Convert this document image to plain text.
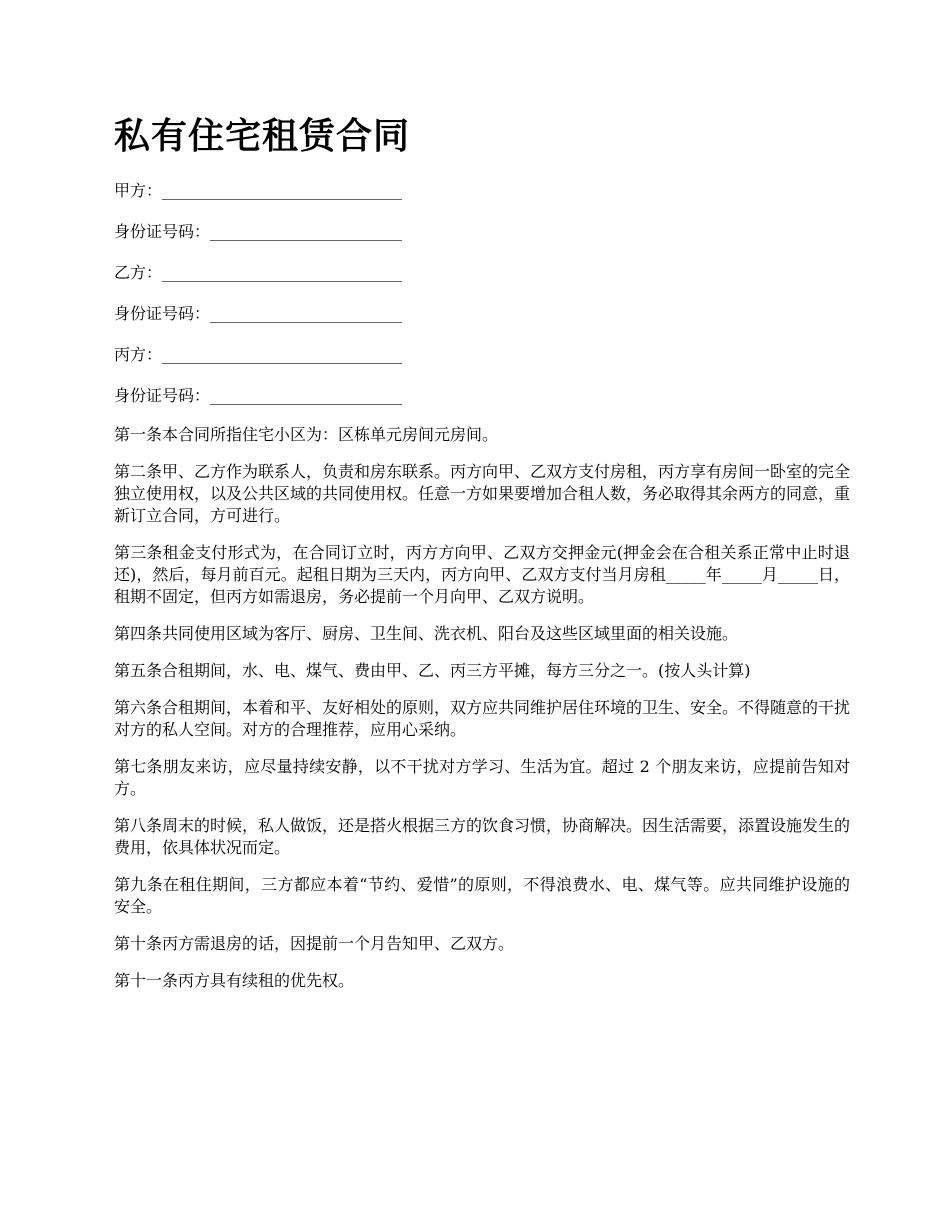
私有住宅租赁合同
甲方：______________________________
身份证号码：________________________
乙方：______________________________
身份证号码：________________________
丙方：______________________________
身份证号码：________________________

第一条本合同所指住宅小区为：区栋单元房间元房间。

第二条甲、乙方作为联系人，负责和房东联系。丙方向甲、乙双方支付房租，丙方享有房间一卧室的完全独立使用权，以及公共区域的共同使用权。任意一方如果要增加合租人数，务必取得其余两方的同意，重新订立合同，方可进行。

第三条租金支付形式为，在合同订立时，丙方方向甲、乙双方交押金元(押金会在合租关系正常中止时退还)，然后，每月前百元。起租日期为三天内，丙方向甲、乙双方支付当月房租_____年_____月_____日，租期不固定，但丙方如需退房，务必提前一个月向甲、乙双方说明。

第四条共同使用区域为客厅、厨房、卫生间、洗衣机、阳台及这些区域里面的相关设施。

第五条合租期间，水、电、煤气、费由甲、乙、丙三方平摊，每方三分之一。(按人头计算)

第六条合租期间，本着和平、友好相处的原则，双方应共同维护居住环境的卫生、安全。不得随意的干扰对方的私人空间。对方的合理推荐，应用心采纳。

第七条朋友来访，应尽量持续安静，以不干扰对方学习、生活为宜。超过 2 个朋友来访，应提前告知对方。

第八条周末的时候，私人做饭，还是搭火根据三方的饮食习惯，协商解决。因生活需要，添置设施发生的费用，依具体状况而定。

第九条在租住期间，三方都应本着“节约、爱惜”的原则，不得浪费水、电、煤气等。应共同维护设施的安全。

第十条丙方需退房的话，因提前一个月告知甲、乙双方。

第十一条丙方具有续租的优先权。
